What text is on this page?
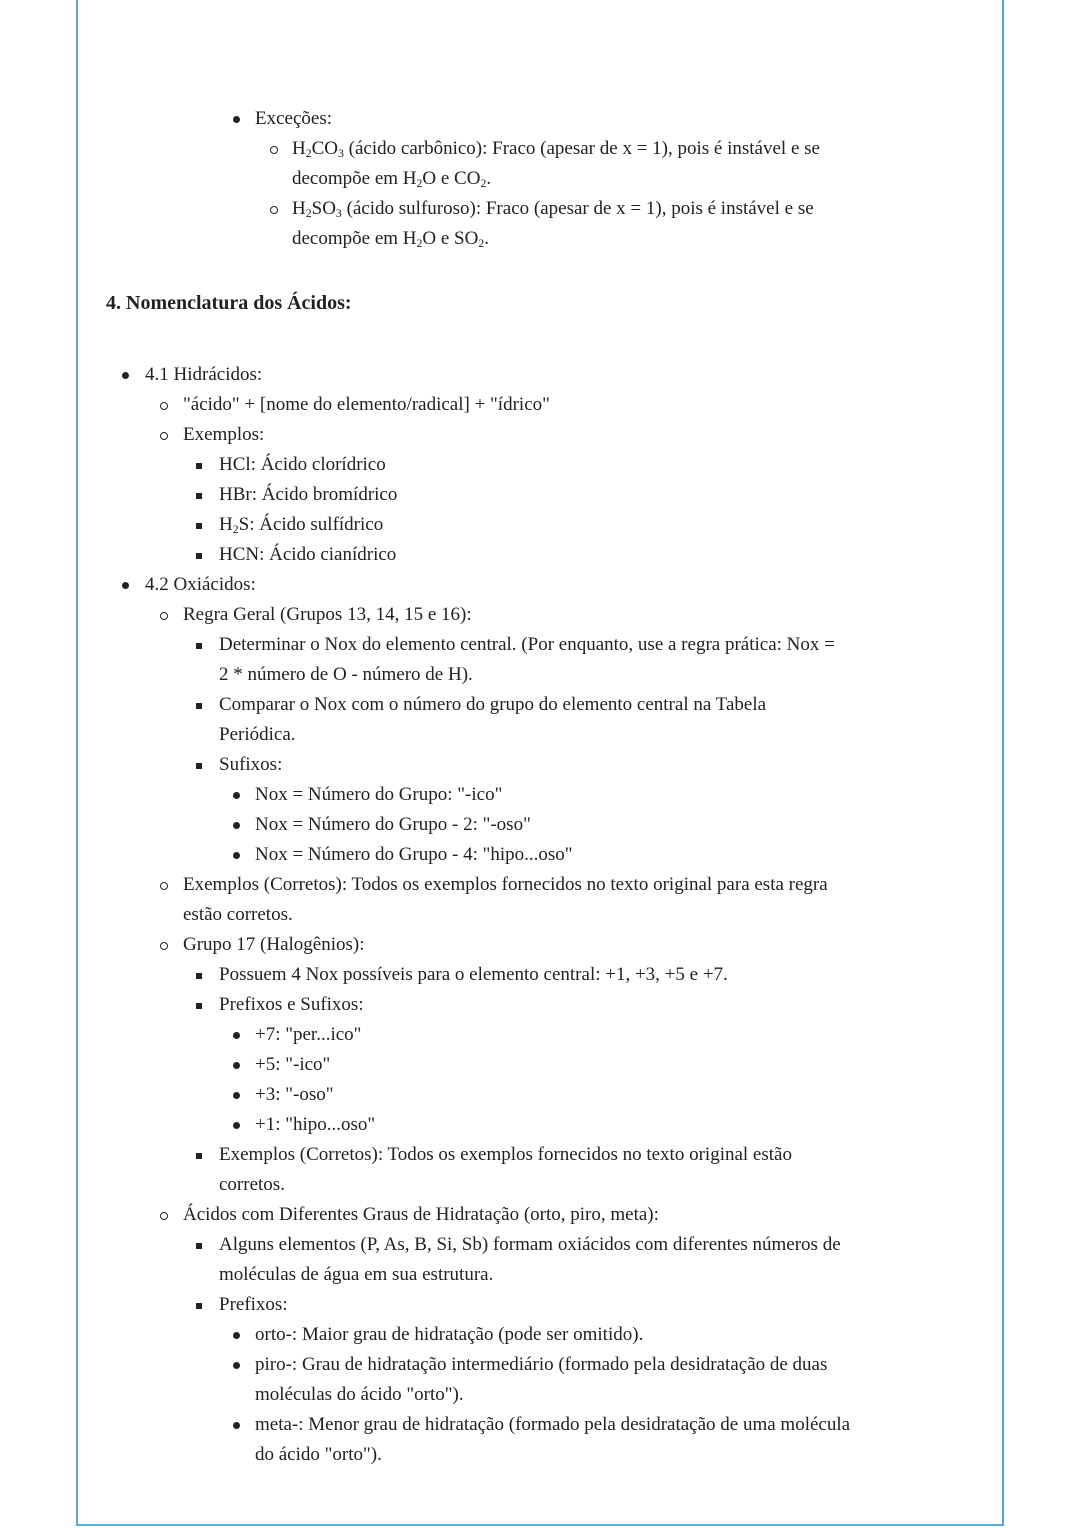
Exceções:
$H_2CO_3$ (ácido carbônico): Fraco (apesar de x = 1), pois é instável e se
decompõe em $H_2O$ e $CO_2$.
$H_2SO_3$ (ácido sulfuroso): Fraco (apesar de x = 1), pois é instável e se
decompõe em $H_2O$ e $SO_2$.
4. Nomenclatura dos Ácidos:
4.1 Hidrácidos:
"ácido" + [nome do elemento/radical] + "ídrico"
Exemplos:
HCl: Ácido clorídrico
HBr: Ácido bromídrico
$H_2S$: Ácido sulfídrico
HCN: Ácido cianídrico
4.2 Oxiácidos:
Regra Geral (Grupos 13, 14, 15 e 16):
Determinar o Nox do elemento central. (Por enquanto, use a regra prática: Nox =
2 * número de O - número de H).
Comparar o Nox com o número do grupo do elemento central na Tabela
Periódica.
Sufixos:
Nox = Número do Grupo: "-ico"
Nox = Número do Grupo - 2: "-oso"
Nox = Número do Grupo - 4: "hipo...oso"
Exemplos (Corretos): Todos os exemplos fornecidos no texto original para esta regra
estão corretos.
Grupo 17 (Halogênios):
Possuem 4 Nox possíveis para o elemento central: +1, +3, +5 e +7.
Prefixos e Sufixos:
+7: "per...ico"
+5: "-ico"
+3: "-oso"
+1: "hipo...oso"
Exemplos (Corretos): Todos os exemplos fornecidos no texto original estão
corretos.
Ácidos com Diferentes Graus de Hidratação (orto, piro, meta):
Alguns elementos (P, As, B, Si, Sb) formam oxiácidos com diferentes números de
moléculas de água em sua estrutura.
Prefixos:
orto-: Maior grau de hidratação (pode ser omitido).
piro-: Grau de hidratação intermediário (formado pela desidratação de duas
moléculas do ácido "orto").
meta-: Menor grau de hidratação (formado pela desidratação de uma molécula
do ácido "orto").
